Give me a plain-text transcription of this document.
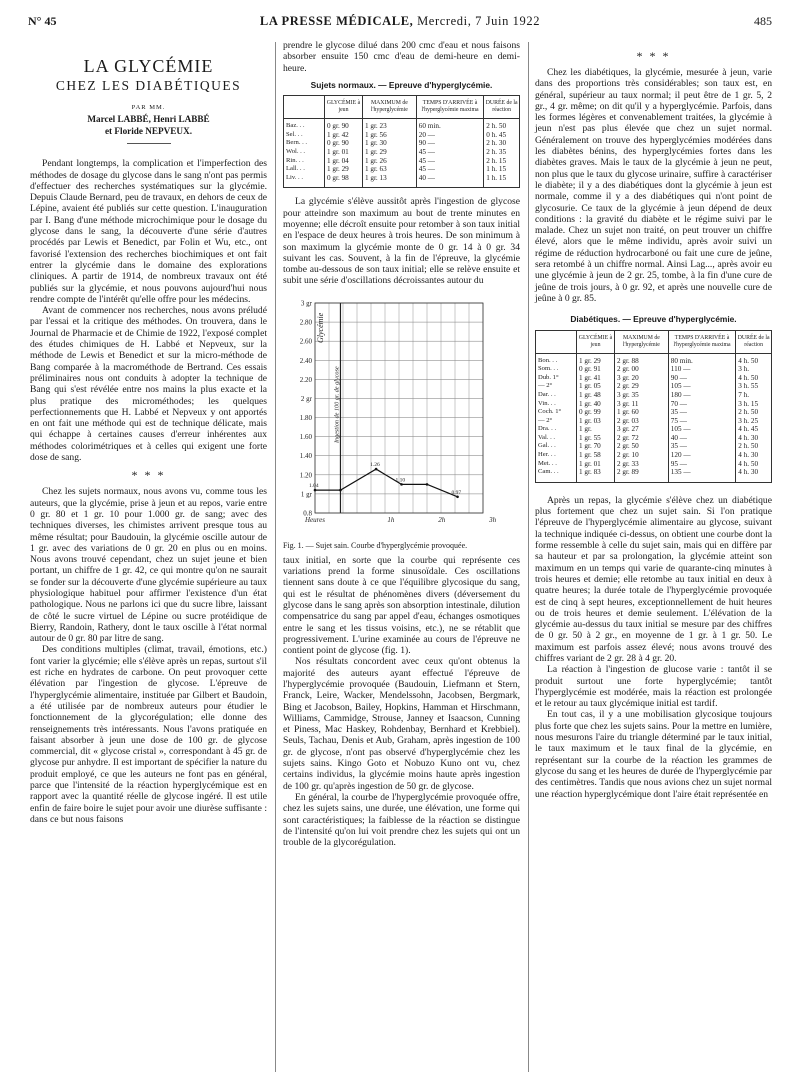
N° 45	LA PRESSE MÉDICALE, Mercredi, 7 Juin 1922	485
LA GLYCÉMIE
CHEZ LES DIABÉTIQUES
PAR MM.
Marcel LABBÉ, Henri LABBÉ
et Floride NEPVEUX.

Pendant longtemps, la complication et l'imperfection des méthodes de dosage du glycose dans le sang n'ont pas permis d'effectuer des recherches systématiques sur la glycémie. Depuis Claude Bernard, peu de travaux, en dehors de ceux de Lépine, avaient été publiés sur cette question. L'inauguration par I. Bang d'une méthode microchimique pour le dosage du glycose dans le sang, la découverte d'une série d'autres procédés par Lewis et Benedict, par Folin et Wu, etc., ont favorisé l'extension des recherches biochimiques et ont fait entrer la glycémie dans le domaine des explorations cliniques. A partir de 1914, de nombreux travaux ont été publiés sur la glycémie, et nous pouvons aujourd'hui nous rendre compte de l'intérêt qu'elle offre pour les médecins.

Avant de commencer nos recherches, nous avons préludé par l'essai et la critique des méthodes. On trouvera, dans le Journal de Pharmacie et de Chimie de 1922, l'exposé complet des études chimiques de H. Labbé et Nepveux, sur la méthode de Lewis et Benedict et sur la micro-méthode de Bang comparée à la macrométhode de Bertrand. Ces essais préliminaires nous ont conduits à adopter la technique de Bang qui s'est révélée entre nos mains la plus exacte et la plus pratique des microméthodes; les quelques perfectionnements que H. Labbé et Nepveux y ont apportés en ont fait une méthode qui est de technique délicate, mais qui échappe à certaines causes d'erreur inhérentes aux méthodes colorimétriques et à celles qui exigent une forte dose de sang.

* * *

Chez les sujets normaux, nous avons vu, comme tous les auteurs, que la glycémie, prise à jeun et au repos, varie entre 0 gr. 80 et 1 gr. 10 pour 1.000 gr. de sang; avec des techniques diverses, les chimistes arrivent presque tous au même résultat; pour Baudouin, la glycémie oscille autour de 1 gr. avec des variations de 0 gr. 20 en plus ou en moins. Nous avons trouvé cependant, chez un sujet jeune et bien portant, un chiffre de 1 gr. 42, ce qui montre qu'on ne saurait se fonder sur la découverte d'une glycémie supérieure au taux physiologique habituel pour affirmer l'existence d'un état pathologique. Nous ne parlons ici que du sucre libre, laissant de côté le sucre virtuel de Lépine ou sucre protéidique de Bierry, Randoin, Rathery, dont le taux oscille à l'état normal autour de 0 gr. 80 par litre de sang.

Des conditions multiples (climat, travail, émotions, etc.) font varier la glycémie; elle s'élève après un repas, surtout s'il est riche en hydrates de carbone. On peut provoquer cette élévation par l'ingestion de glycose. L'épreuve de l'hyperglycémie alimentaire, instituée par Gilbert et Baudoin, a été utilisée par de nombreux auteurs pour étudier le fonctionnement de la glycorégulation; elle donne des renseignements très intéressants. Nous l'avons pratiquée en faisant absorber à jeun une dose de 100 gr. de glycose commercial, dit « glycose cristal », correspondant à 45 gr. de glycose pur anhydre. Il est important de spécifier la nature du produit employé, ce que les auteurs ne font pas en général, parce que l'intensité de la réaction hyperglycémique est en rapport avec la quantité réelle de glycose ingéré. Il est utile enfin de faire boire le sujet pour avoir une diurèse suffisante : dans ce but nous faisons

prendre le glycose dilué dans 200 cmc d'eau et nous faisons absorber ensuite 150 cmc d'eau de demi-heure en demi-heure.

Sujets normaux. — Epreuve d'hyperglycémie.
	GLYCÉMIE à jeun	MAXIMUM de l'hyperglycémie	TEMPS D'ARRIVÉE à l'hyperglycémie maxima	DURÉE de la réaction
Baz. . .	0 gr. 90	1 gr. 23	60 min.	2 h. 50
Sel. . .	1 gr. 42	1 gr. 56	20 —	0 h. 45
Bern. . .	0 gr. 90	1 gr. 30	90 —	2 h. 30
Wol. . .	1 gr. 01	1 gr. 29	45 —	2 h. 35
Rin. . .	1 gr. 04	1 gr. 26	45 —	2 h. 15
Lall. . .	1 gr. 29	1 gr. 63	45 —	1 h. 15
Liv. . .	0 gr. 98	1 gr. 13	40 —	1 h. 15

La glycémie s'élève aussitôt après l'ingestion de glycose pour atteindre son maximum au bout de trente minutes en moyenne; elle décroît ensuite pour retomber à son taux initial en l'espace de deux heures à trois heures. De son minimum à son maximum la glycémie monte de 0 gr. 14 à 0 gr. 34 suivant les cas. Souvent, à la fin de l'épreuve, la glycémie tombe au-dessous de son taux initial; elle se relève ensuite et subit une série d'oscillations décroissantes autour du

3 gr
2.80
2.60
2.40
2.20
2 gr
1.80
1.60
1.40
1.20
1 gr
0.8
Glycémie
Ingestion de 100 gr. de glycose
1h	2h	3h
Heures
1.04
1.26
1.10
0.97
Fig. 1. — Sujet sain. Courbe d'hyperglycémie provoquée.

taux initial, en sorte que la courbe qui représente ces variations prend la forme sinusoïdale. Ces oscillations tiennent sans doute à ce que l'équilibre glycosique du sang, qui est le résultat de phénomènes divers (déversement du glycose dans le sang après son absorption intestinale, dilution compensatrice du sang par appel d'eau, échanges osmotiques entre le sang et les tissus voisins, etc.), ne se rétablit que progressivement. L'urine examinée au cours de l'épreuve ne contient point de glycose (fig. 1).

Nos résultats concordent avec ceux qu'ont obtenus la majorité des auteurs ayant effectué l'épreuve de l'hyperglycémie provoquée (Baudouin, Liefmann et Stern, Franck, Leire, Wacker, Mendelssohn, Jacobsen, Bergmark, Bing et Jacobson, Bailey, Hopkins, Hamman et Hirschmann, Williams, Cammidge, Strouse, Janney et Isaacson, Cunning et Piness, Mac Haskey, Rohdenbay, Bernhard et Krebbiel). Seuls, Tachau, Denis et Aub, Graham, après ingestion de 100 gr. de glycose, n'ont pas observé d'hyperglycémie chez les sujets sains. Kingo Goto et Nobuzo Kuno ont vu, chez certains individus, la glycémie moins haute après ingestion de 100 gr. qu'après ingestion de 50 gr. de glycose.

En général, la courbe de l'hyperglycémie provoquée offre, chez les sujets sains, une durée, une élévation, une forme qui sont caractéristiques; la faiblesse de la réaction se distingue de l'intensité qu'on lui voit prendre chez les sujets qui ont un trouble de la glycorégulation.

* * *

Chez les diabétiques, la glycémie, mesurée à jeun, varie dans des proportions très considérables; son taux est, en général, supérieur au taux normal; il peut être de 1 gr. 5, 2 gr., 4 gr. même; on dit qu'il y a hyperglycémie. Parfois, dans les formes légères et convenablement traitées, la glycémie à jeun n'est pas plus élevée que chez un sujet normal. Généralement on trouve des hyperglycémies modérées dans les diabètes bénins, des hyperglycémies fortes dans les diabètes graves. Mais le taux de la glycémie à jeun ne peut, non plus que le taux du glycose urinaire, suffire à caractériser le diabète; il y a des diabétiques dont la glycémie à jeun est normale, comme il y a des diabétiques qui n'ont point de glycosurie. Ce taux de la glycémie à jeun dépend de deux conditions : la gravité du diabète et le régime suivi par le malade. Chez un sujet non traité, on peut trouver un chiffre élevé, alors que le même individu, après avoir suivi un régime de réduction hydrocarboné ou fait une cure de jeûne, sera retombé à un chiffre normal. Ainsi Lag..., après avoir eu une glycémie à jeun de 2 gr. 25, tombe, à la fin d'une cure de jeûne de trois jours, à 0 gr. 92, et après une nouvelle cure de jeûne à 0 gr. 85.

Diabétiques. — Epreuve d'hyperglycémie.
	GLYCÉMIE à jeun	MAXIMUM de l'hyperglycémie	TEMPS D'ARRIVÉE à l'hyperglycémie maxima	DURÉE de la réaction
Bon. . .	1 gr. 29	2 gr. 88	80 min.	4 h. 50
Som. . .	0 gr. 91	2 gr. 00	110 —	3 h.
Dub. 1°	1 gr. 41	3 gr. 20	90 —	4 h. 50
— 2°	1 gr. 05	2 gr. 29	105 —	3 h. 55
Dar. . .	1 gr. 48	3 gr. 35	180 —	7 h.
Vin. . .	1 gr. 40	3 gr. 11	70 —	3 h. 15
Coch. 1°	0 gr. 99	1 gr. 60	35 —	2 h. 50
— 2°	1 gr. 03	2 gr. 03	75 —	3 h. 25
Dra. . .	1 gr.	3 gr. 27	105 —	4 h. 45
Val. . .	1 gr. 55	2 gr. 72	40 —	4 h. 30
Gal. . .	1 gr. 70	2 gr. 50	35 —	2 h. 50
Her. . .	1 gr. 58	2 gr. 10	120 —	4 h. 30
Met. . .	1 gr. 01	2 gr. 33	95 —	4 h. 50
Cam. . .	1 gr. 83	2 gr. 89	135 —	4 h. 30

Après un repas, la glycémie s'élève chez un diabétique plus fortement que chez un sujet sain. Si l'on pratique l'épreuve de l'hyperglycémie alimentaire au glycose, suivant la technique indiquée ci-dessus, on obtient une courbe dont la forme ressemble à celle du sujet sain, mais qui en diffère par sa hauteur et par sa prolongation, la glycémie atteint son maximum en un temps qui varie de quarante-cinq minutes à trois heures et demie; elle retombe au taux initial en deux à quatre heures; la durée totale de l'hyperglycémie provoquée est de cinq à sept heures, exceptionnellement de huit heures ou de trois heures et demie seulement. L'élévation de la glycémie au-dessus du taux initial se mesure par des chiffres de 0 gr. 50 à 2 gr., en moyenne de 1 gr. à 1 gr. 50. Le maximum est parfois assez élevé; nous avons trouvé des chiffres variant de 2 gr. 28 à 4 gr. 20.

La réaction à l'ingestion de glucose varie : tantôt il se produit surtout une forte hyperglycémie; tantôt l'hyperglycémie est modérée, mais la réaction est prolongée et le retour au taux glycémique initial est tardif.

En tout cas, il y a une mobilisation glycosique toujours plus forte que chez les sujets sains. Pour la mettre en lumière, nous mesurons l'aire du triangle déterminé par le taux initial, le taux maximum et le taux final de la glycémie, en représentant sur la courbe de la réaction les grammes de glycose du sang et les heures de durée de l'hyperglycémie par des centimètres. Tandis que nous avions chez un sujet normal une réaction hyperglycémique dont l'aire était représentée en
